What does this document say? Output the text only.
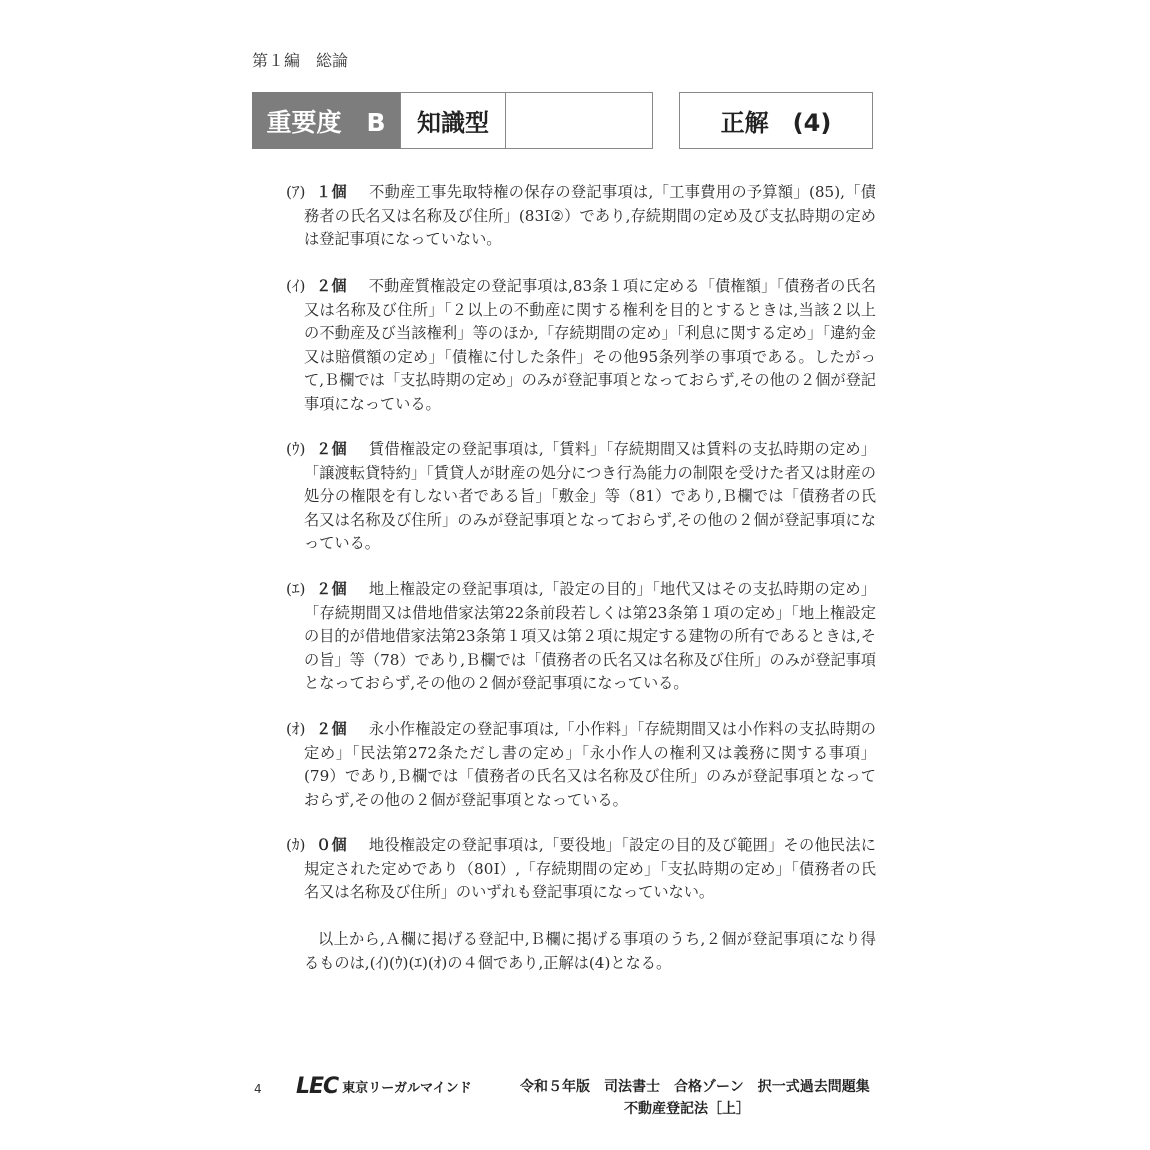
第１編　総論
重要度　B	知識型	正解　(4)
(ｱ) １個 不動産工事先取特権の保存の登記事項は,「工事費用の予算額」(85),「債務者の氏名又は名称及び住所」(83Ⅰ②）であり,存続期間の定め及び支払時期の定めは登記事項になっていない。
(ｲ) ２個 不動産質権設定の登記事項は,83条１項に定める「債権額」「債務者の氏名又は名称及び住所」「２以上の不動産に関する権利を目的とするときは,当該２以上の不動産及び当該権利」等のほか,「存続期間の定め」「利息に関する定め」「違約金又は賠償額の定め」「債権に付した条件」その他95条列挙の事項である。したがって,Ｂ欄では「支払時期の定め」のみが登記事項となっておらず,その他の２個が登記事項になっている。
(ｳ) ２個 賃借権設定の登記事項は,「賃料」「存続期間又は賃料の支払時期の定め」「譲渡転貸特約」「賃貸人が財産の処分につき行為能力の制限を受けた者又は財産の処分の権限を有しない者である旨」「敷金」等（81）であり,Ｂ欄では「債務者の氏名又は名称及び住所」のみが登記事項となっておらず,その他の２個が登記事項になっている。
(ｴ) ２個 地上権設定の登記事項は,「設定の目的」「地代又はその支払時期の定め」「存続期間又は借地借家法第22条前段若しくは第23条第１項の定め」「地上権設定の目的が借地借家法第23条第１項又は第２項に規定する建物の所有であるときは,その旨」等（78）であり,Ｂ欄では「債務者の氏名又は名称及び住所」のみが登記事項となっておらず,その他の２個が登記事項になっている。
(ｵ) ２個 永小作権設定の登記事項は,「小作料」「存続期間又は小作料の支払時期の定め」「民法第272条ただし書の定め」「永小作人の権利又は義務に関する事項」(79）であり,Ｂ欄では「債務者の氏名又は名称及び住所」のみが登記事項となっておらず,その他の２個が登記事項となっている。
(ｶ) ０個 地役権設定の登記事項は,「要役地」「設定の目的及び範囲」その他民法に規定された定めであり（80Ⅰ）,「存続期間の定め」「支払時期の定め」「債務者の氏名又は名称及び住所」のいずれも登記事項になっていない。
以上から,Ａ欄に掲げる登記中,Ｂ欄に掲げる事項のうち,２個が登記事項になり得るものは,(ｲ)(ｳ)(ｴ)(ｵ)の４個であり,正解は(4)となる。
4 LEC 東京リーガルマインド	令和５年版　司法書士　合格ゾーン　択一式過去問題集
不動産登記法［上］
